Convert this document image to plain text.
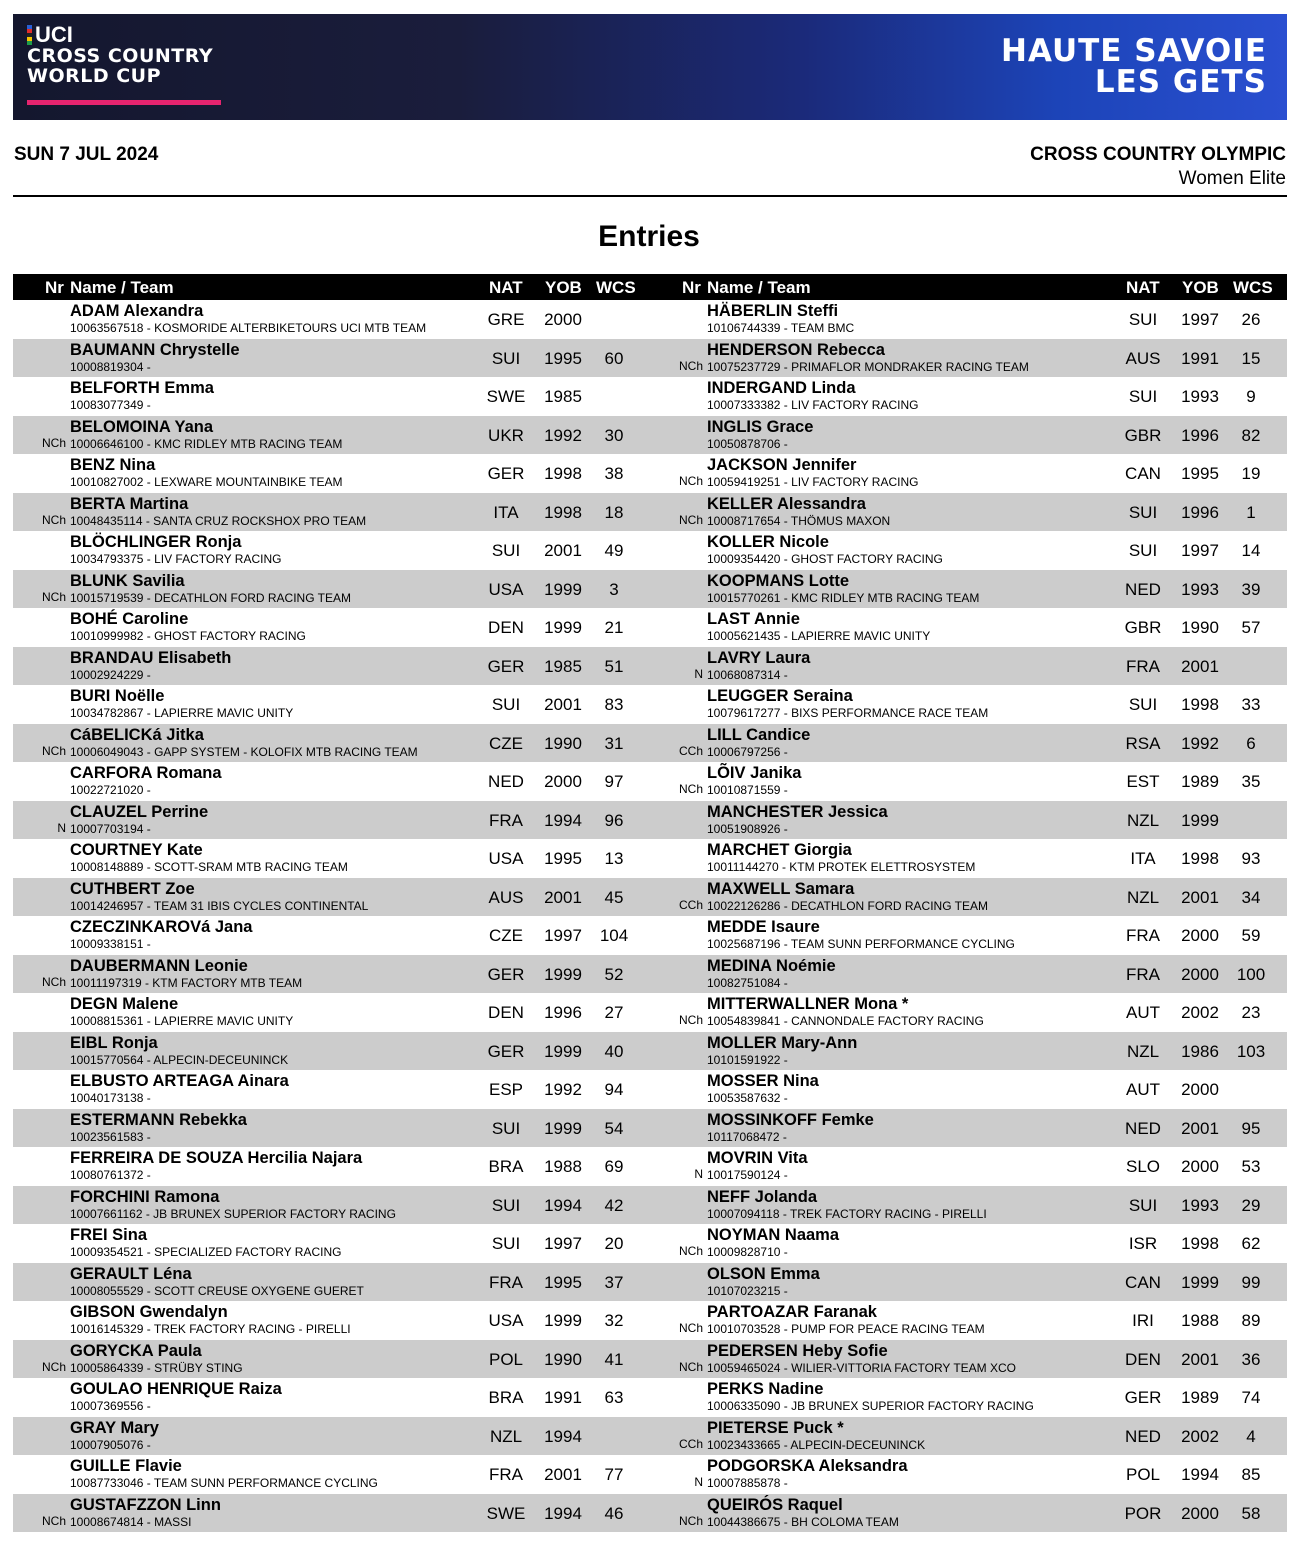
UCI
CROSS COUNTRY
WORLD CUP
HAUTE SAVOIE
LES GETS
SUN 7 JUL 2024	CROSS COUNTRY OLYMPIC
Women Elite
Entries
Nr Name / Team	NAT YOB WCS
ADAM Alexandra
10063567518 - KOSMORIDE ALTERBIKETOURS UCI MTB TEAM	GRE	2000
BAUMANN Chrystelle
10008819304 -	SUI	1995	60
BELFORTH Emma
10083077349 -	SWE	1985
BELOMOINA Yana
NCh 10006646100 - KMC RIDLEY MTB RACING TEAM	UKR	1992	30
BENZ Nina
10010827002 - LEXWARE MOUNTAINBIKE TEAM	GER	1998	38
BERTA Martina
NCh 10048435114 - SANTA CRUZ ROCKSHOX PRO TEAM	ITA	1998	18
BLÖCHLINGER Ronja
10034793375 - LIV FACTORY RACING	SUI	2001	49
BLUNK Savilia
NCh 10015719539 - DECATHLON FORD RACING TEAM	USA	1999	3
BOHÉ Caroline
10010999982 - GHOST FACTORY RACING	DEN	1999	21
BRANDAU Elisabeth
10002924229 -	GER	1985	51
BURI Noëlle
10034782867 - LAPIERRE MAVIC UNITY	SUI	2001	83
CáBELICKá Jitka
NCh 10006049043 - GAPP SYSTEM - KOLOFIX MTB RACING TEAM	CZE	1990	31
CARFORA Romana
10022721020 -	NED	2000	97
CLAUZEL Perrine
N 10007703194 -	FRA	1994	96
COURTNEY Kate
10008148889 - SCOTT-SRAM MTB RACING TEAM	USA	1995	13
CUTHBERT Zoe
10014246957 - TEAM 31 IBIS CYCLES CONTINENTAL	AUS	2001	45
CZECZINKAROVá Jana
10009338151 -	CZE	1997	104
DAUBERMANN Leonie
NCh 10011197319 - KTM FACTORY MTB TEAM	GER	1999	52
DEGN Malene
10008815361 - LAPIERRE MAVIC UNITY	DEN	1996	27
EIBL Ronja
10015770564 - ALPECIN-DECEUNINCK	GER	1999	40
ELBUSTO ARTEAGA Ainara
10040173138 -	ESP	1992	94
ESTERMANN Rebekka
10023561583 -	SUI	1999	54
FERREIRA DE SOUZA Hercilia Najara
10080761372 -	BRA	1988	69
FORCHINI Ramona
10007661162 - JB BRUNEX SUPERIOR FACTORY RACING	SUI	1994	42
FREI Sina
10009354521 - SPECIALIZED FACTORY RACING	SUI	1997	20
GERAULT Léna
10008055529 - SCOTT CREUSE OXYGENE GUERET	FRA	1995	37
GIBSON Gwendalyn
10016145329 - TREK FACTORY RACING - PIRELLI	USA	1999	32
GORYCKA Paula
NCh 10005864339 - STRÜBY STING	POL	1990	41
GOULAO HENRIQUE Raiza
10007369556 -	BRA	1991	63
GRAY Mary
10007905076 -	NZL	1994
GUILLE Flavie
10087733046 - TEAM SUNN PERFORMANCE CYCLING	FRA	2001	77
GUSTAFZZON Linn
NCh 10008674814 - MASSI	SWE	1994	46
Nr Name / Team	NAT YOB WCS
HÄBERLIN Steffi
10106744339 - TEAM BMC	SUI	1997	26
HENDERSON Rebecca
NCh 10075237729 - PRIMAFLOR MONDRAKER RACING TEAM	AUS	1991	15
INDERGAND Linda
10007333382 - LIV FACTORY RACING	SUI	1993	9
INGLIS Grace
10050878706 -	GBR	1996	82
JACKSON Jennifer
NCh 10059419251 - LIV FACTORY RACING	CAN	1995	19
KELLER Alessandra
NCh 10008717654 - THÖMUS MAXON	SUI	1996	1
KOLLER Nicole
10009354420 - GHOST FACTORY RACING	SUI	1997	14
KOOPMANS Lotte
10015770261 - KMC RIDLEY MTB RACING TEAM	NED	1993	39
LAST Annie
10005621435 - LAPIERRE MAVIC UNITY	GBR	1990	57
LAVRY Laura
N 10068087314 -	FRA	2001
LEUGGER Seraina
10079617277 - BIXS PERFORMANCE RACE TEAM	SUI	1998	33
LILL Candice
CCh 10006797256 -	RSA	1992	6
LÕIV Janika
NCh 10010871559 -	EST	1989	35
MANCHESTER Jessica
10051908926 -	NZL	1999
MARCHET Giorgia
10011144270 - KTM PROTEK ELETTROSYSTEM	ITA	1998	93
MAXWELL Samara
CCh 10022126286 - DECATHLON FORD RACING TEAM	NZL	2001	34
MEDDE Isaure
10025687196 - TEAM SUNN PERFORMANCE CYCLING	FRA	2000	59
MEDINA Noémie
10082751084 -	FRA	2000	100
MITTERWALLNER Mona *
NCh 10054839841 - CANNONDALE FACTORY RACING	AUT	2002	23
MOLLER Mary-Ann
10101591922 -	NZL	1986	103
MOSSER Nina
10053587632 -	AUT	2000
MOSSINKOFF Femke
10117068472 -	NED	2001	95
MOVRIN Vita
N 10017590124 -	SLO	2000	53
NEFF Jolanda
10007094118 - TREK FACTORY RACING - PIRELLI	SUI	1993	29
NOYMAN Naama
NCh 10009828710 -	ISR	1998	62
OLSON Emma
10107023215 -	CAN	1999	99
PARTOAZAR Faranak
NCh 10010703528 - PUMP FOR PEACE RACING TEAM	IRI	1988	89
PEDERSEN Heby Sofie
NCh 10059465024 - WILIER-VITTORIA FACTORY TEAM XCO	DEN	2001	36
PERKS Nadine
10006335090 - JB BRUNEX SUPERIOR FACTORY RACING	GER	1989	74
PIETERSE Puck *
CCh 10023433665 - ALPECIN-DECEUNINCK	NED	2002	4
PODGORSKA Aleksandra
N 10007885878 -	POL	1994	85
QUEIRÓS Raquel
NCh 10044386675 - BH COLOMA TEAM	POR	2000	58
